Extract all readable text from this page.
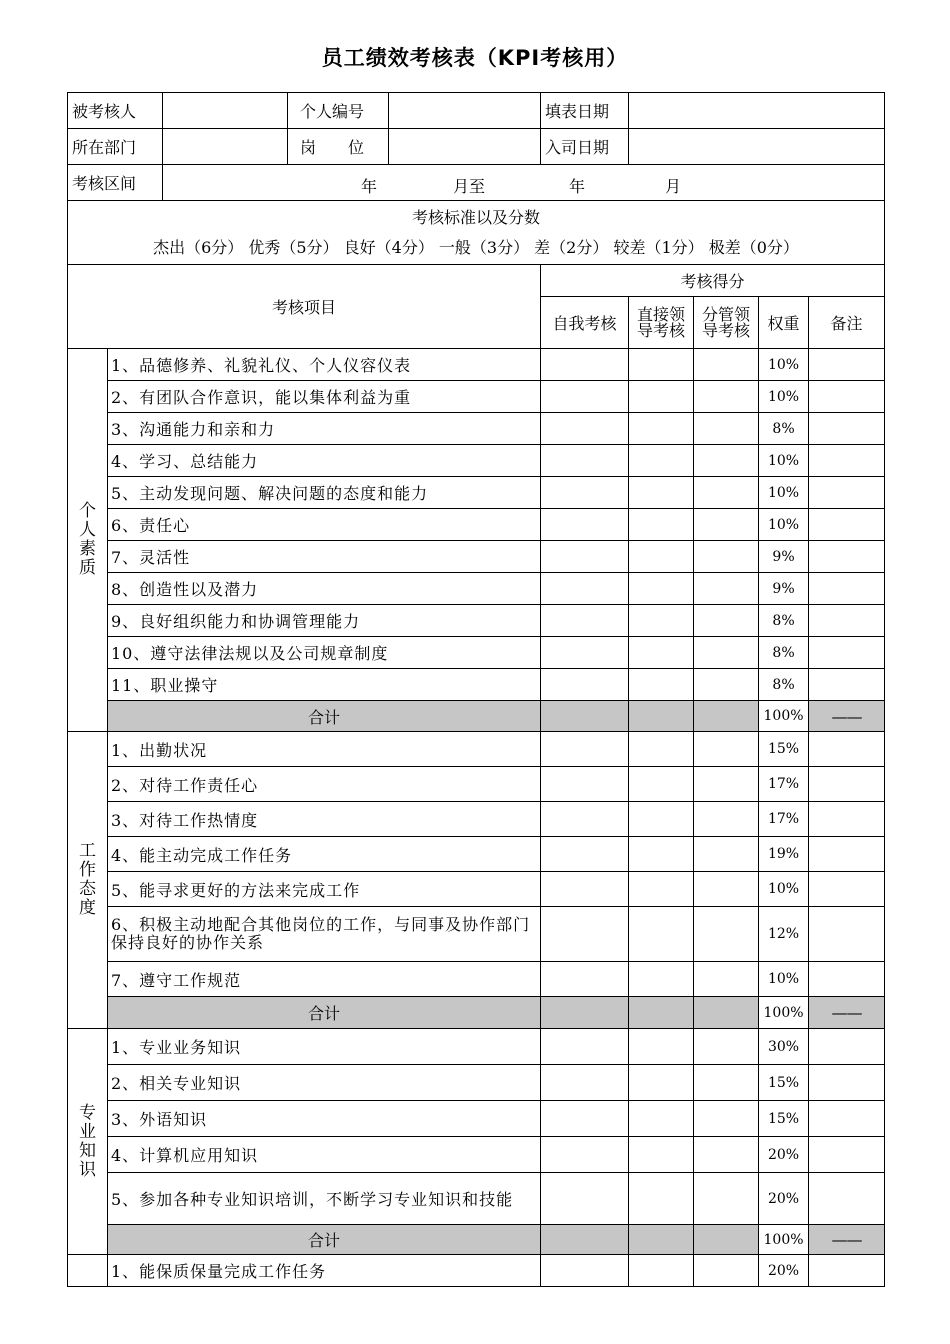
员工绩效考核表（KPI考核用）
被考核人			个人编号		填表日期				
所在部门			岗　　位		入司日期				
考核区间		年 月至 年 月							

考核标准以及分数
杰出（6分） 优秀（5分） 良好（4分） 一般（3分） 差（2分） 较差（1分） 极差（0分）									

考核项目					考核得分				
					自我考核	直接领导考核	分管领导考核	权重	备注
个人素质	1、品德修养、礼貌礼仪、个人仪容仪表							10%	
	2、有团队合作意识，能以集体利益为重							10%	
	3、沟通能力和亲和力							8%	
	4、学习、总结能力							10%	
	5、主动发现问题、解决问题的态度和能力							10%	
	6、责任心							10%	
	7、灵活性							9%	
	8、创造性以及潜力							9%	
	9、良好组织能力和协调管理能力							8%	
	10、遵守法律法规以及公司规章制度							8%	
	11、职业操守							8%	
	合计							100%	——
工作态度	1、出勤状况							15%	
	2、对待工作责任心							17%	
	3、对待工作热情度							17%	
	4、能主动完成工作任务							19%	
	5、能寻求更好的方法来完成工作							10%	
	6、积极主动地配合其他岗位的工作，与同事及协作部门保持良好的协作关系							12%	
	7、遵守工作规范							10%	
	合计							100%	——
专业知识	1、专业业务知识							30%	
	2、相关专业知识							15%	
	3、外语知识							15%	
	4、计算机应用知识							20%	
	5、参加各种专业知识培训，不断学习专业知识和技能							20%	
	合计							100%	——
	1、能保质保量完成工作任务							20%	
